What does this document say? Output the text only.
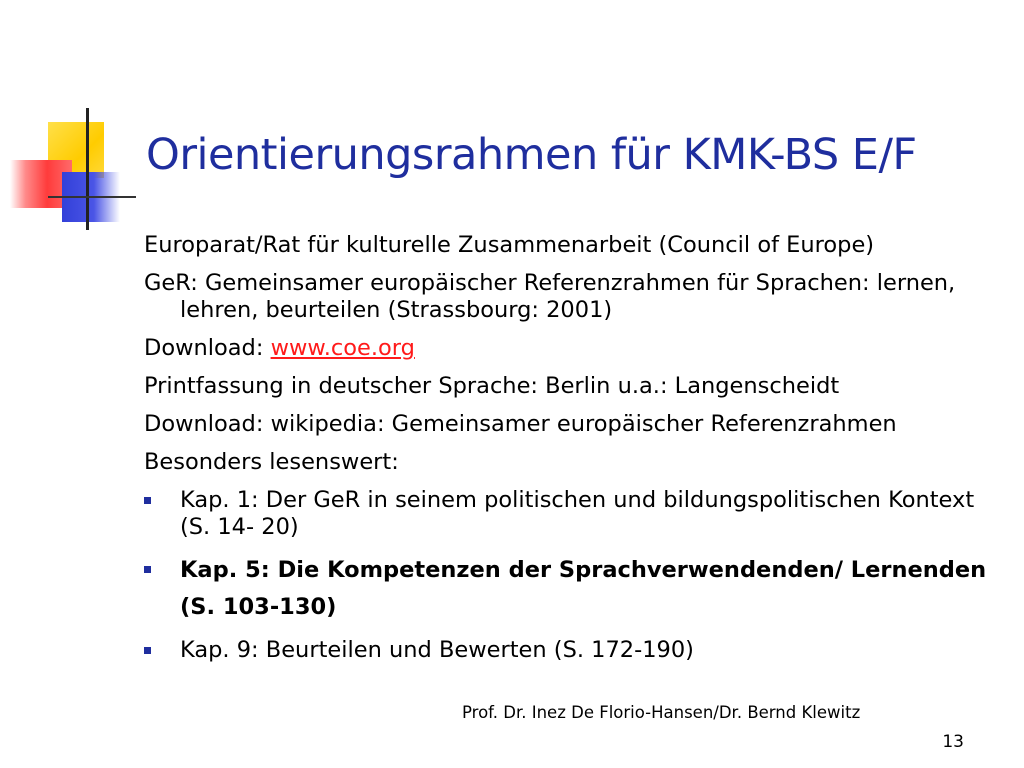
Orientierungsrahmen für KMK-BS E/F

Europarat/Rat für kulturelle Zusammenarbeit (Council of Europe)

GeR: Gemeinsamer europäischer Referenzrahmen für Sprachen: lernen, lehren, beurteilen (Strassbourg: 2001)

Download: www.coe.org

Printfassung in deutscher Sprache: Berlin u.a.: Langenscheidt

Download: wikipedia: Gemeinsamer europäischer Referenzrahmen

Besonders lesenswert:

Kap. 1: Der GeR in seinem politischen und bildungspolitischen Kontext (S. 14- 20)
Kap. 5: Die Kompetenzen der Sprachverwendenden/ Lernenden (S. 103-130)
Kap. 9: Beurteilen und Bewerten (S. 172-190)
Prof. Dr. Inez De Florio-Hansen/Dr. Bernd Klewitz
13
